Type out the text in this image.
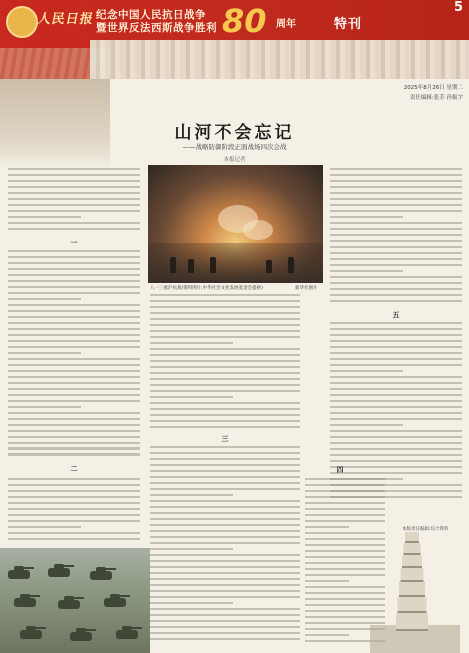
人民日报 纪念中国人民抗日战争
暨世界反法西斯战争胜利 80 周年	特刊
5
2025年8月26日 星期二
责任编辑:张芳 孙振宇
山河不会忘记
——战略防御阶段正面战场四次会战
本报记者
一
二
八一三淞沪抗战(资料图片,中华社会文化发展基金会提供)	新华社图片
三
五
四
本版责任编辑 综合资料
